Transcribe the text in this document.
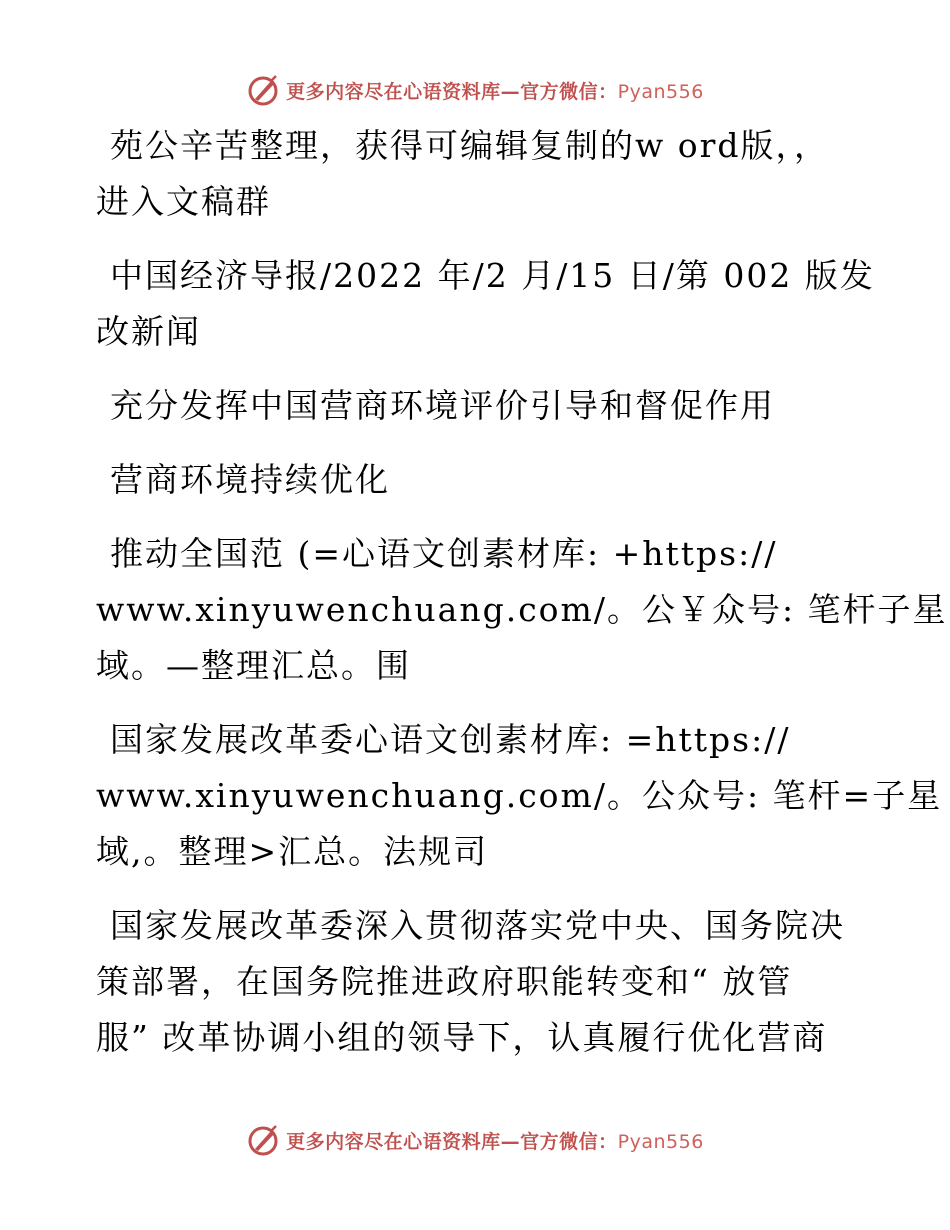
更多内容尽在心语资料库—官方微信：Pyan556

苑公辛苦整理，获得可编辑复制的w ord版，，
进入文稿群

中国经济导报/2022 年/2 月/15 日/第 002 版发
改新闻

充分发挥中国营商环境评价引导和督促作用

营商环境持续优化

推动全国范 (=心语文创素材库: +https://
www.xinyuwenchuang.com/。公￥众号: 笔杆子星
域。—整理汇总。围

国家发展改革委心语文创素材库: =https://
www.xinyuwenchuang.com/。公众号: 笔杆=子星
域,。整理>汇总。法规司

国家发展改革委深入贯彻落实党中央、国务院决
策部署，在国务院推进政府职能转变和“ 放管
服” 改革协调小组的领导下，认真履行优化营商

更多内容尽在心语资料库—官方微信：Pyan556
